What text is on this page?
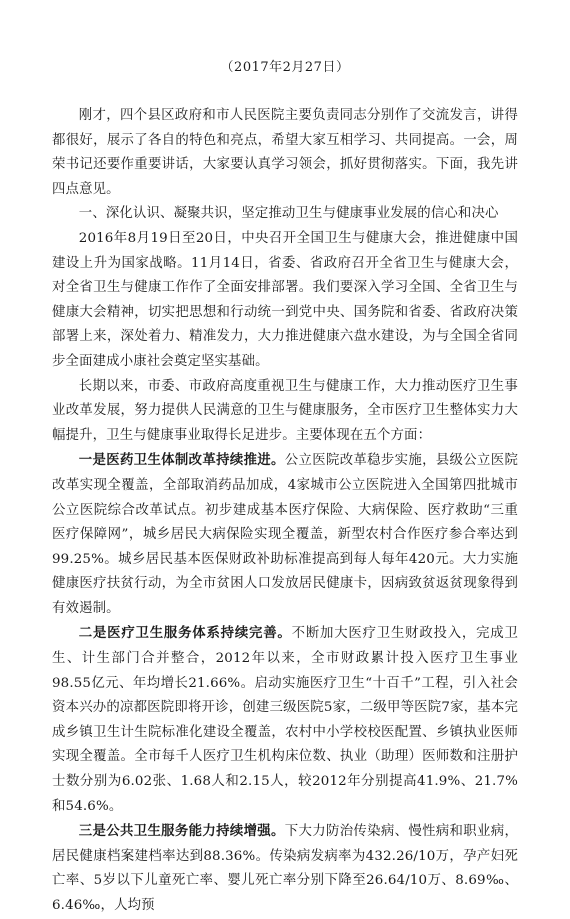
（2017年2月27日）

刚才，四个县区政府和市人民医院主要负责同志分别作了交流发言，讲得都很好，展示了各自的特色和亮点，希望大家互相学习、共同提高。一会，周荣书记还要作重要讲话，大家要认真学习领会，抓好贯彻落实。下面，我先讲四点意见。

一、深化认识、凝聚共识，坚定推动卫生与健康事业发展的信心和决心

2016年8月19日至20日，中央召开全国卫生与健康大会，推进健康中国建设上升为国家战略。11月14日，省委、省政府召开全省卫生与健康大会，对全省卫生与健康工作作了全面安排部署。我们要深入学习全国、全省卫生与健康大会精神，切实把思想和行动统一到党中央、国务院和省委、省政府决策部署上来，深处着力、精准发力，大力推进健康六盘水建设，为与全国全省同步全面建成小康社会奠定坚实基础。

长期以来，市委、市政府高度重视卫生与健康工作，大力推动医疗卫生事业改革发展，努力提供人民满意的卫生与健康服务，全市医疗卫生整体实力大幅提升，卫生与健康事业取得长足进步。主要体现在五个方面：

一是医药卫生体制改革持续推进。公立医院改革稳步实施，县级公立医院改革实现全覆盖，全部取消药品加成，4家城市公立医院进入全国第四批城市公立医院综合改革试点。初步建成基本医疗保险、大病保险、医疗救助“三重医疗保障网”，城乡居民大病保险实现全覆盖，新型农村合作医疗参合率达到99.25%。城乡居民基本医保财政补助标准提高到每人每年420元。大力实施健康医疗扶贫行动，为全市贫困人口发放居民健康卡，因病致贫返贫现象得到有效遏制。

二是医疗卫生服务体系持续完善。不断加大医疗卫生财政投入，完成卫生、计生部门合并整合，2012年以来，全市财政累计投入医疗卫生事业98.55亿元、年均增长21.66%。启动实施医疗卫生“十百千”工程，引入社会资本兴办的凉都医院即将开诊，创建三级医院5家，二级甲等医院7家，基本完成乡镇卫生计生院标准化建设全覆盖，农村中小学校校医配置、乡镇执业医师实现全覆盖。全市每千人医疗卫生机构床位数、执业（助理）医师数和注册护士数分别为6.02张、1.68人和2.15人，较2012年分别提高41.9%、21.7%和54.6%。

三是公共卫生服务能力持续增强。下大力防治传染病、慢性病和职业病，居民健康档案建档率达到88.36%。传染病发病率为432.26/10万，孕产妇死亡率、5岁以下儿童死亡率、婴儿死亡率分别下降至26.64/10万、8.69‰、6.46‰，人均预
